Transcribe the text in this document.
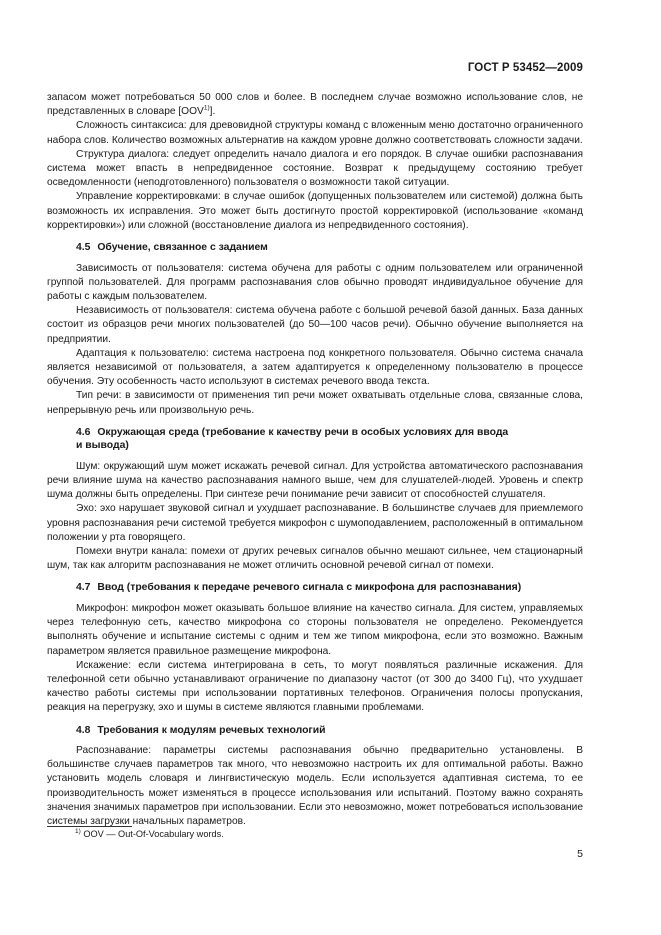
ГОСТ Р 53452—2009

запасом может потребоваться 50 000 слов и более. В последнем случае возможно использование слов, не представленных в словаре [OOV$^{1)}$].

Сложность синтаксиса: для древовидной структуры команд с вложенным меню достаточно ограниченного набора слов. Количество возможных альтернатив на каждом уровне должно соответствовать сложности задачи.

Структура диалога: следует определить начало диалога и его порядок. В случае ошибки распознавания система может впасть в непредвиденное состояние. Возврат к предыдущему состоянию требует осведомленности (неподготовленного) пользователя о возможности такой ситуации.

Управление корректировками: в случае ошибок (допущенных пользователем или системой) должна быть возможность их исправления. Это может быть достигнуто простой корректировкой (использование «команд корректировки») или сложной (восстановление диалога из непредвиденного состояния).

4.5 Обучение, связанное с заданием

Зависимость от пользователя: система обучена для работы с одним пользователем или ограниченной группой пользователей. Для программ распознавания слов обычно проводят индивидуальное обучение для работы с каждым пользователем.

Независимость от пользователя: система обучена работе с большой речевой базой данных. База данных состоит из образцов речи многих пользователей (до 50—100 часов речи). Обычно обучение выполняется на предприятии.

Адаптация к пользователю: система настроена под конкретного пользователя. Обычно система сначала является независимой от пользователя, а затем адаптируется к определенному пользователю в процессе обучения. Эту особенность часто используют в системах речевого ввода текста.

Тип речи: в зависимости от применения тип речи может охватывать отдельные слова, связанные слова, непрерывную речь или произвольную речь.

4.6 Окружающая среда (требование к качеству речи в особых условиях для ввода
и вывода)

Шум: окружающий шум может искажать речевой сигнал. Для устройства автоматического распознавания речи влияние шума на качество распознавания намного выше, чем для слушателей-людей. Уровень и спектр шума должны быть определены. При синтезе речи понимание речи зависит от способностей слушателя.

Эхо: эхо нарушает звуковой сигнал и ухудшает распознавание. В большинстве случаев для приемлемого уровня распознавания речи системой требуется микрофон с шумоподавлением, расположенный в оптимальном положении у рта говорящего.

Помехи внутри канала: помехи от других речевых сигналов обычно мешают сильнее, чем стационарный шум, так как алгоритм распознавания не может отличить основной речевой сигнал от помехи.

4.7 Ввод (требования к передаче речевого сигнала с микрофона для распознавания)

Микрофон: микрофон может оказывать большое влияние на качество сигнала. Для систем, управляемых через телефонную сеть, качество микрофона со стороны пользователя не определено. Рекомендуется выполнять обучение и испытание системы с одним и тем же типом микрофона, если это возможно. Важным параметром является правильное размещение микрофона.

Искажение: если система интегрирована в сеть, то могут появляться различные искажения. Для телефонной сети обычно устанавливают ограничение по диапазону частот (от 300 до 3400 Гц), что ухудшает качество работы системы при использовании портативных телефонов. Ограничения полосы пропускания, реакция на перегрузку, эхо и шумы в системе являются главными проблемами.

4.8 Требования к модулям речевых технологий

Распознавание: параметры системы распознавания обычно предварительно установлены. В большинстве случаев параметров так много, что невозможно настроить их для оптимальной работы. Важно установить модель словаря и лингвистическую модель. Если используется адаптивная система, то ее производительность может изменяться в процессе использования или испытаний. Поэтому важно сохранять значения значимых параметров при использовании. Если это невозможно, может потребоваться использование системы загрузки начальных параметров.

$^{1)}$ OOV — Out-Of-Vocabulary words.
5
